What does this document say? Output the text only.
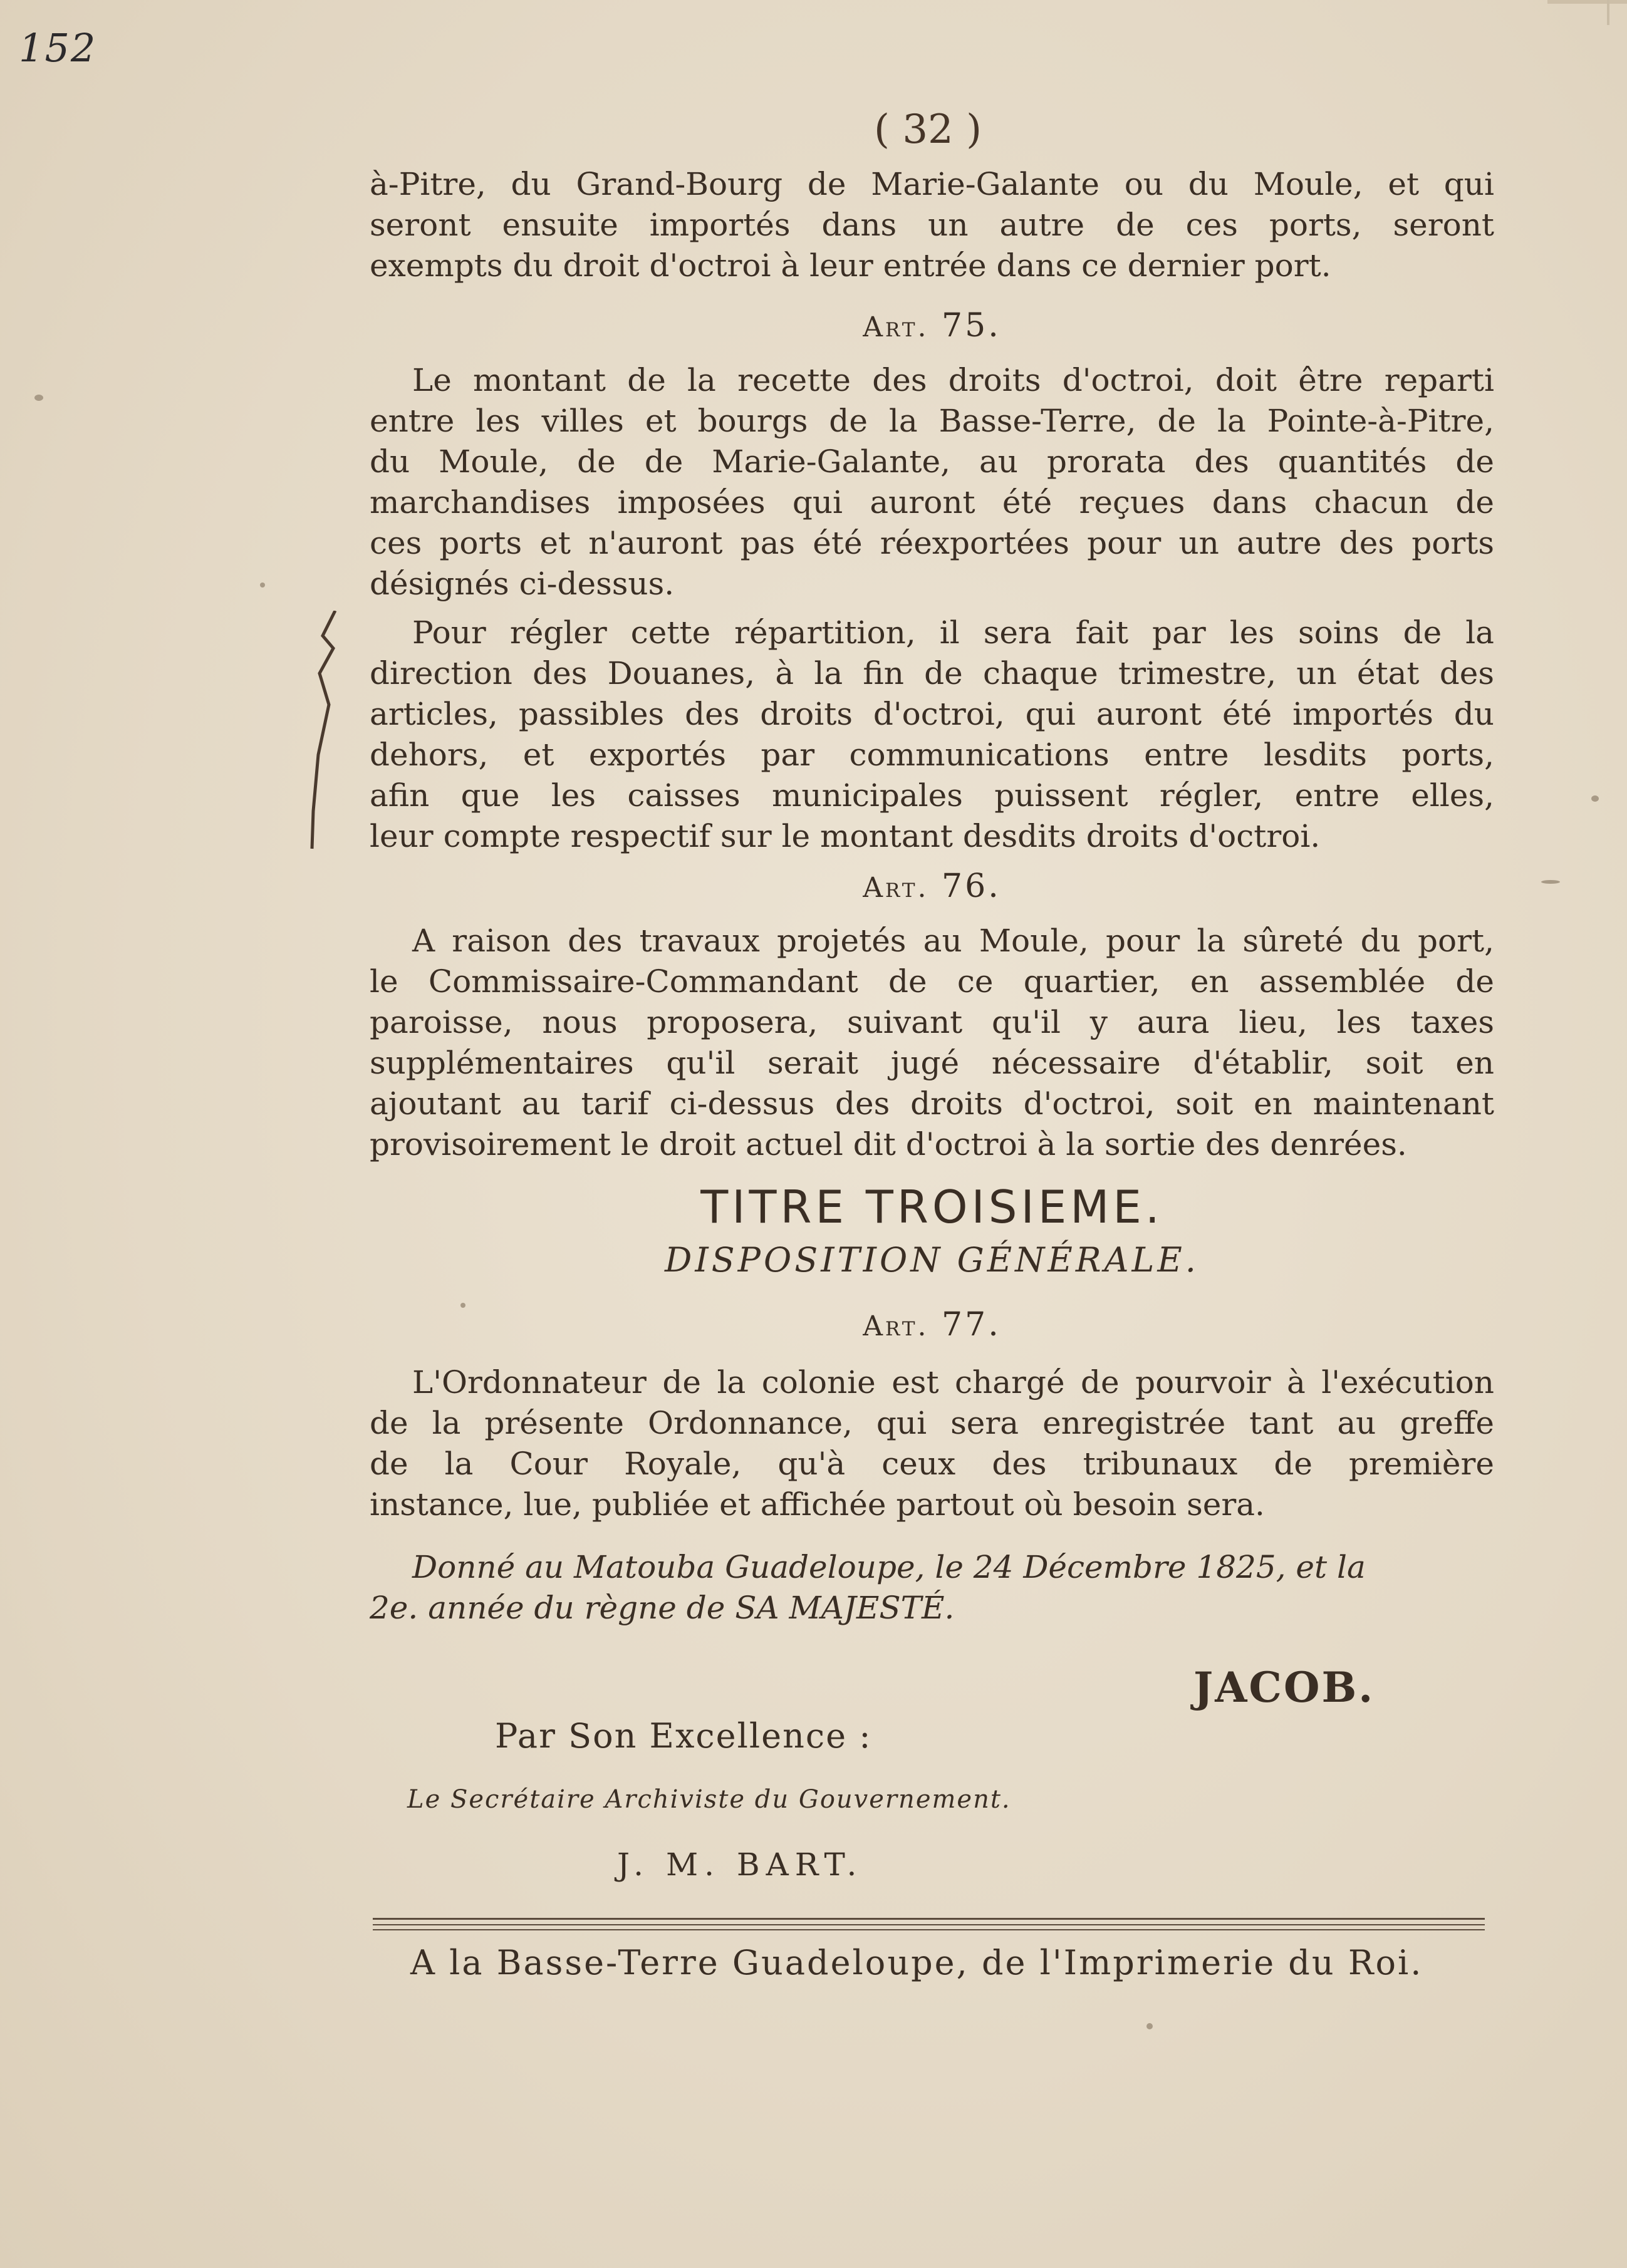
152
( 32 )
à-Pitre, du Grand-Bourg de Marie-Galante ou du Moule, et qui
seront ensuite importés dans un autre de ces ports, seront
exempts du droit d'octroi à leur entrée dans ce dernier port.
Art. 75.
Le montant de la recette des droits d'octroi, doit être reparti
entre les villes et bourgs de la Basse-Terre, de la Pointe-à-Pitre,
du Moule, de de Marie-Galante, au prorata des quantités de
marchandises imposées qui auront été reçues dans chacun de
ces ports et n'auront pas été réexportées pour un autre des ports
désignés ci-dessus.
Pour régler cette répartition, il sera fait par les soins de la
direction des Douanes, à la fin de chaque trimestre, un état des
articles, passibles des droits d'octroi, qui auront été importés du
dehors, et exportés par communications entre lesdits ports,
afin que les caisses municipales puissent régler, entre elles,
leur compte respectif sur le montant desdits droits d'octroi.
Art. 76.
A raison des travaux projetés au Moule, pour la sûreté du port,
le Commissaire-Commandant de ce quartier, en assemblée de
paroisse, nous proposera, suivant qu'il y aura lieu, les taxes
supplémentaires qu'il serait jugé nécessaire d'établir, soit en
ajoutant au tarif ci-dessus des droits d'octroi, soit en maintenant
provisoirement le droit actuel dit d'octroi à la sortie des denrées.
TITRE TROISIEME.
DISPOSITION GÉNÉRALE.
Art. 77.
L'Ordonnateur de la colonie est chargé de pourvoir à l'exécution
de la présente Ordonnance, qui sera enregistrée tant au greffe
de la Cour Royale, qu'à ceux des tribunaux de première
instance, lue, publiée et affichée partout où besoin sera.
Donné au Matouba Guadeloupe, le 24 Décembre 1825, et la
2e. année du règne de SA MAJESTÉ.
JACOB.
Par Son Excellence :
Le Secrétaire Archiviste du Gouvernement.
J. M. BART.
A la Basse-Terre Guadeloupe, de l'Imprimerie du Roi.
